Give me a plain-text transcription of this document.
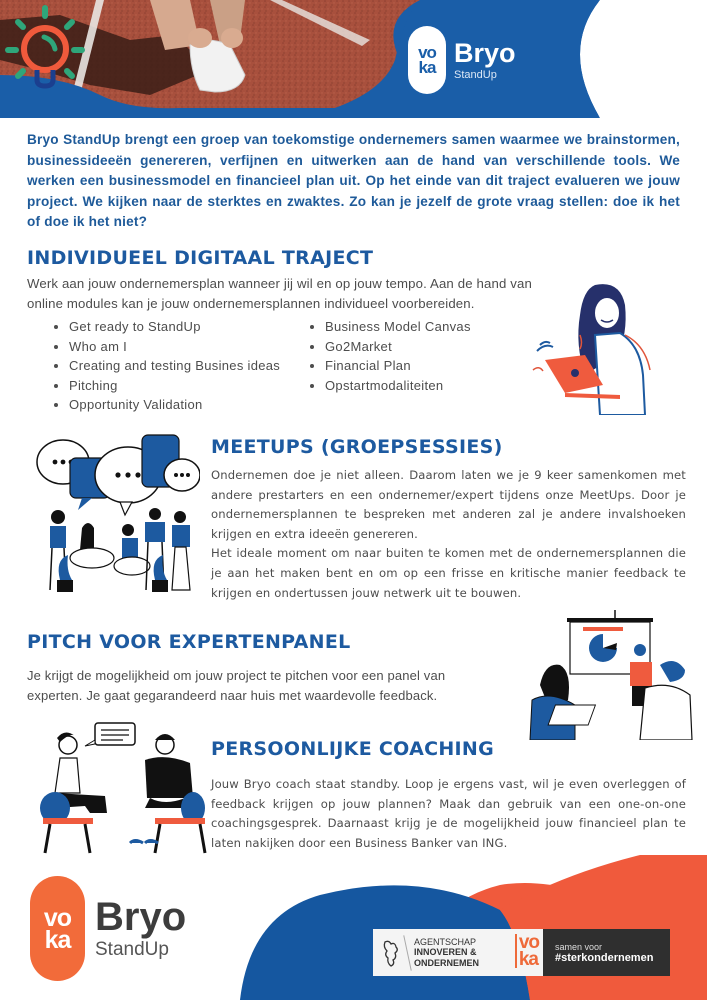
vo
ka Bryo
StandUp

Bryo StandUp brengt een groep van toekomstige ondernemers samen waarmee we brainstormen, businessideeën genereren, verfijnen en uitwerken aan de hand van verschillende tools. We werken een businessmodel en financieel plan uit. Op het einde van dit traject evalueren we jouw project. We kijken naar de sterktes en zwaktes. Zo kan je jezelf de grote vraag stellen: doe ik het of doe ik het niet?

INDIVIDUEEL DIGITAAL TRAJECT

Werk aan jouw ondernemersplan wanneer jij wil en op jouw tempo. Aan de hand van online modules kan je jouw ondernemersplannen individueel voorbereiden.

Get ready to StandUp
Who am I
Creating and testing Busines ideas
Pitching
Opportunity Validation
Business Model Canvas
Go2Market
Financial Plan
Opstartmodaliteiten
MEETUPS (GROEPSESSIES)

Ondernemen doe je niet alleen. Daarom laten we je 9 keer samenkomen met andere prestarters en een ondernemer/expert tijdens onze MeetUps. Door je ondernemersplannen te bespreken met anderen zal je andere invalshoeken krijgen en extra ideeën genereren.

Het ideale moment om naar buiten te komen met de ondernemersplannen die je aan het maken bent en om op een frisse en kritische manier feedback te krijgen en ondertussen jouw netwerk uit te bouwen.

PITCH VOOR EXPERTENPANEL

Je krijgt de mogelijkheid om jouw project te pitchen voor een panel van experten. Je gaat gegarandeerd naar huis met waardevolle feedback.

PERSOONLIJKE COACHING

Jouw Bryo coach staat standby. Loop je ergens vast, wil je even overleggen of feedback krijgen op jouw plannen? Maak dan gebruik van een one-on-one coachingsgesprek. Daarnaast krijg je de mogelijkheid jouw financieel plan te laten nakijken door een Business Banker van ING.

vo
ka
Bryo
StandUp	AGENTSCHAP
INNOVEREN &
ONDERNEMEN
vo
ka
samen voor
#sterkondernemen
